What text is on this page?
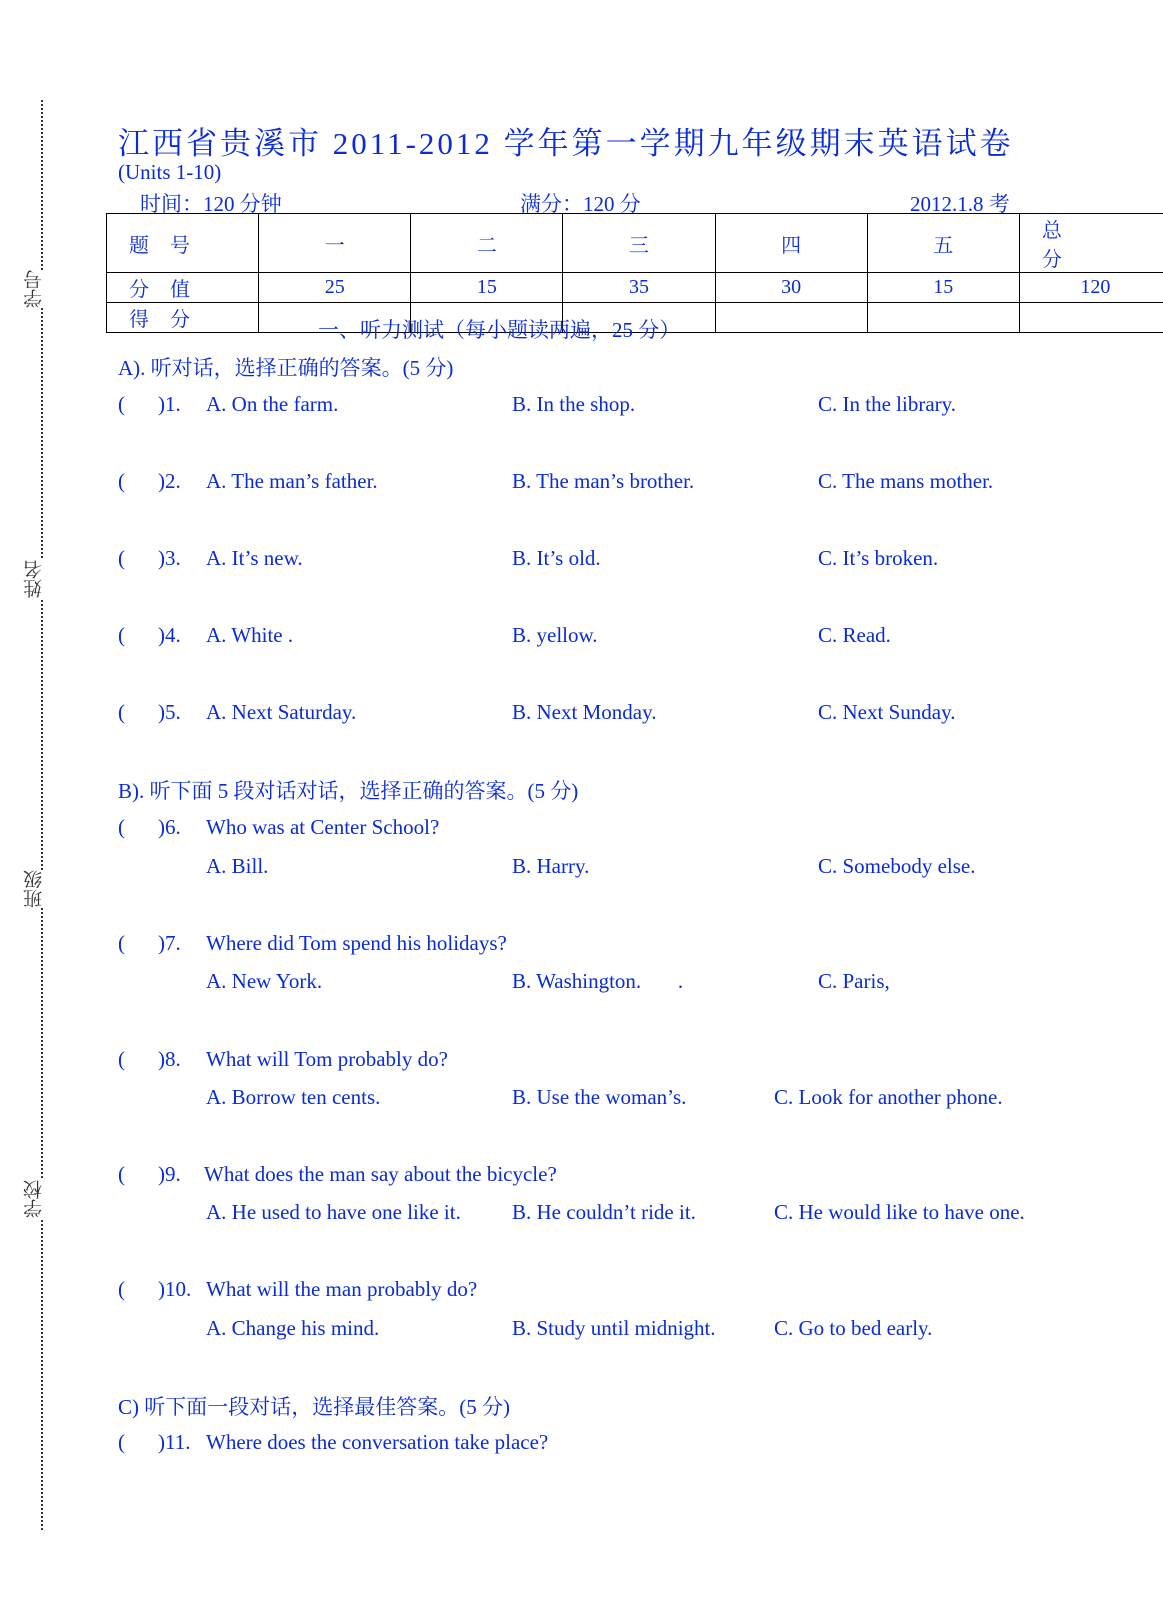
学号
姓名
班级
学校
江西省贵溪市 2011-2012 学年第一学期九年级期末英语试卷
(Units 1-10)
时间：120 分钟	满分：120 分	2012.1.8 考
题 号	一	二	三	四	五	总 分
分 值	25	15	35	30	15	120
得 分							一、听力测试（每小题读两遍，25 分）
A). 听对话，选择正确的答案。(5 分)
( )1. A. On the farm.	B. In the shop.	C. In the library.
( )2. A. The man’s father.	B. The man’s brother.	C. The mans mother.
( )3. A. It’s new.	B. It’s old.	C. It’s broken.
( )4. A. White .	B. yellow.	C. Read.
( )5. A. Next Saturday.	B. Next Monday.	C. Next Sunday.
B). 听下面 5 段对话对话，选择正确的答案。(5 分)
( )6. Who was at Center School?
A. Bill.	B. Harry.	C. Somebody else.
( )7. Where did Tom spend his holidays?
A. New York.	B. Washington.       .	C. Paris,
( )8. What will Tom probably do?
A. Borrow ten cents.	B. Use the woman’s.	C. Look for another phone.
( )9. What does the man say about the bicycle?
A. He used to have one like it. B. He couldn’t ride it.	C. He would like to have one.
( )10. What will the man probably do?
A. Change his mind.	B. Study until midnight.	C. Go to bed early.
C) 听下面一段对话，选择最佳答案。(5 分)
( )11. Where does the conversation take place?
